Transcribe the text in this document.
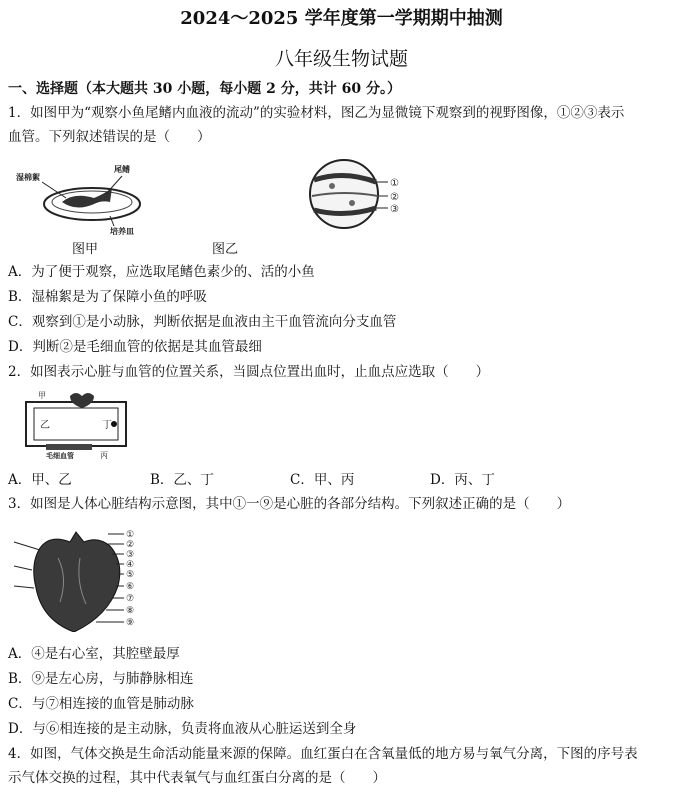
2024～2025 学年度第一学期期中抽测
八年级生物试题
一、选择题（本大题共 30 小题，每小题 2 分，共计 60 分。）
1．如图甲为“观察小鱼尾鳍内血液的流动”的实验材料，图乙为显微镜下观察到的视野图像，①②③表示
血管。下列叙述错误的是（　　）
湿棉絮
尾鳍
培养皿
①
②
③
图甲	图乙
A．为了便于观察，应选取尾鳍色素少的、活的小鱼
B．湿棉絮是为了保障小鱼的呼吸
C．观察到①是小动脉，判断依据是血液由主干血管流向分支血管
D．判断②是毛细血管的依据是其血管最细
2．如图表示心脏与血管的位置关系，当圆点位置出血时，止血点应选取（　　）
甲
乙	丁
丙
毛细血管
A．甲、乙	B．乙、丁	C．甲、丙	D．丙、丁
3．如图是人体心脏结构示意图，其中①一⑨是心脏的各部分结构。下列叙述正确的是（　　）
①
②
③
④
⑤
⑥
⑦
⑧
⑨
A．④是右心室，其腔壁最厚
B．⑨是左心房，与肺静脉相连
C．与⑦相连接的血管是肺动脉
D．与⑥相连接的是主动脉，负责将血液从心脏运送到全身
4．如图，气体交换是生命活动能量来源的保障。血红蛋白在含氧量低的地方易与氧气分离，下图的序号表
示气体交换的过程，其中代表氧气与血红蛋白分离的是（　　）
